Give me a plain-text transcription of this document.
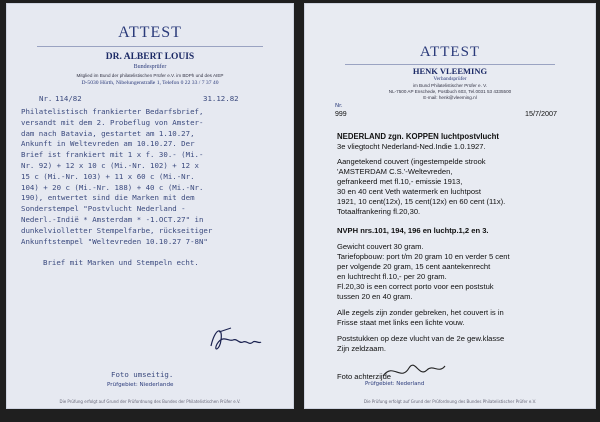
ATTEST
DR. ALBERT LOUIS
Bundesprüfer
Mitglied im Bund der philatelistischen Prüfer e.V. im BDPh und des AIEP
D-5030 Hürth, Nibelungenstraße 1, Telefon 0 22 33 / 7 37 40
Nr. 114/82	31.12.82
Philatelistisch frankierter Bedarfsbrief,
versandt mit dem 2. Probeflug von Amster-
dam nach Batavia, gestartet am 1.10.27,
Ankunft in Weltevreden am 10.10.27. Der
Brief ist frankiert mit 1 x f. 30.- (Mi.-
Nr. 92) + 12 x 10 c (Mi.-Nr. 102) + 12 x
15 c (Mi.-Nr. 103) + 11 x 60 c (Mi.-Nr.
104) + 20 c (Mi.-Nr. 188) + 40 c (Mi.-Nr.
190), entwertet sind die Marken mit dem
Sonderstempel "Postvlucht Nederland -
Nederl.-Indië * Amsterdam * -1.OCT.27" in
dunkelviolletter Stempelfarbe, rückseitiger
Ankunftstempel "Weltevreden 10.10.27 7-8N"
Brief mit Marken und Stempeln echt.
Foto umseitig.
Prüfgebiet: Niederlande
Die Prüfung erfolgt auf Grund der Prüfordnung des Bundes der Philatelistischen Prüfer e.V.
ATTEST
HENK VLEEMING
Verbandsprüfer
im Bund Philatelistischer Prüfer e. V.
NL-7500 AP Enschede, Postbuch 603, Tel.0031 53 4335500
E-mail: henk@vleeming.nl
Nr.
999	15/7/2007
NEDERLAND zgn. KOPPEN luchtpostvlucht
3e vliegtocht Nederland-Ned.Indie 1.0.1927.
Aangetekend couvert (ingestempelde strook
'AMSTERDAM C.S.'-Weltevreden,
gefrankeerd met fl.10,- emissie 1913,
30 en 40 cent Veth watermerk en luchtpost
1921, 10 cent(12x), 15 cent(12x) en 60 cent (11x).
Totaalfrankering fl.20,30.
NVPH nrs.101, 194, 196 en luchtp.1,2 en 3.
Gewicht couvert 30 gram.
Tariefopbouw: port t/m 20 gram 10 en verder 5 cent
per volgende 20 gram, 15 cent aantekenrecht
en luchtrecht fl.10,- per 20 gram.
Fl.20,30 is een correct porto voor een poststuk
tussen 20 en 40 gram.
Alle zegels zijn zonder gebreken, het couvert is in
Frisse staat met links een lichte vouw.
Poststukken op deze vlucht van de 2e gew.klasse
Zijn zeldzaam.
Foto achterzijde
Prüfgebiet: Nederland
Die Prüfung erfolgt auf Grund der Prüfordnung des Bundes Philatelistischer Prüfer e.V.
